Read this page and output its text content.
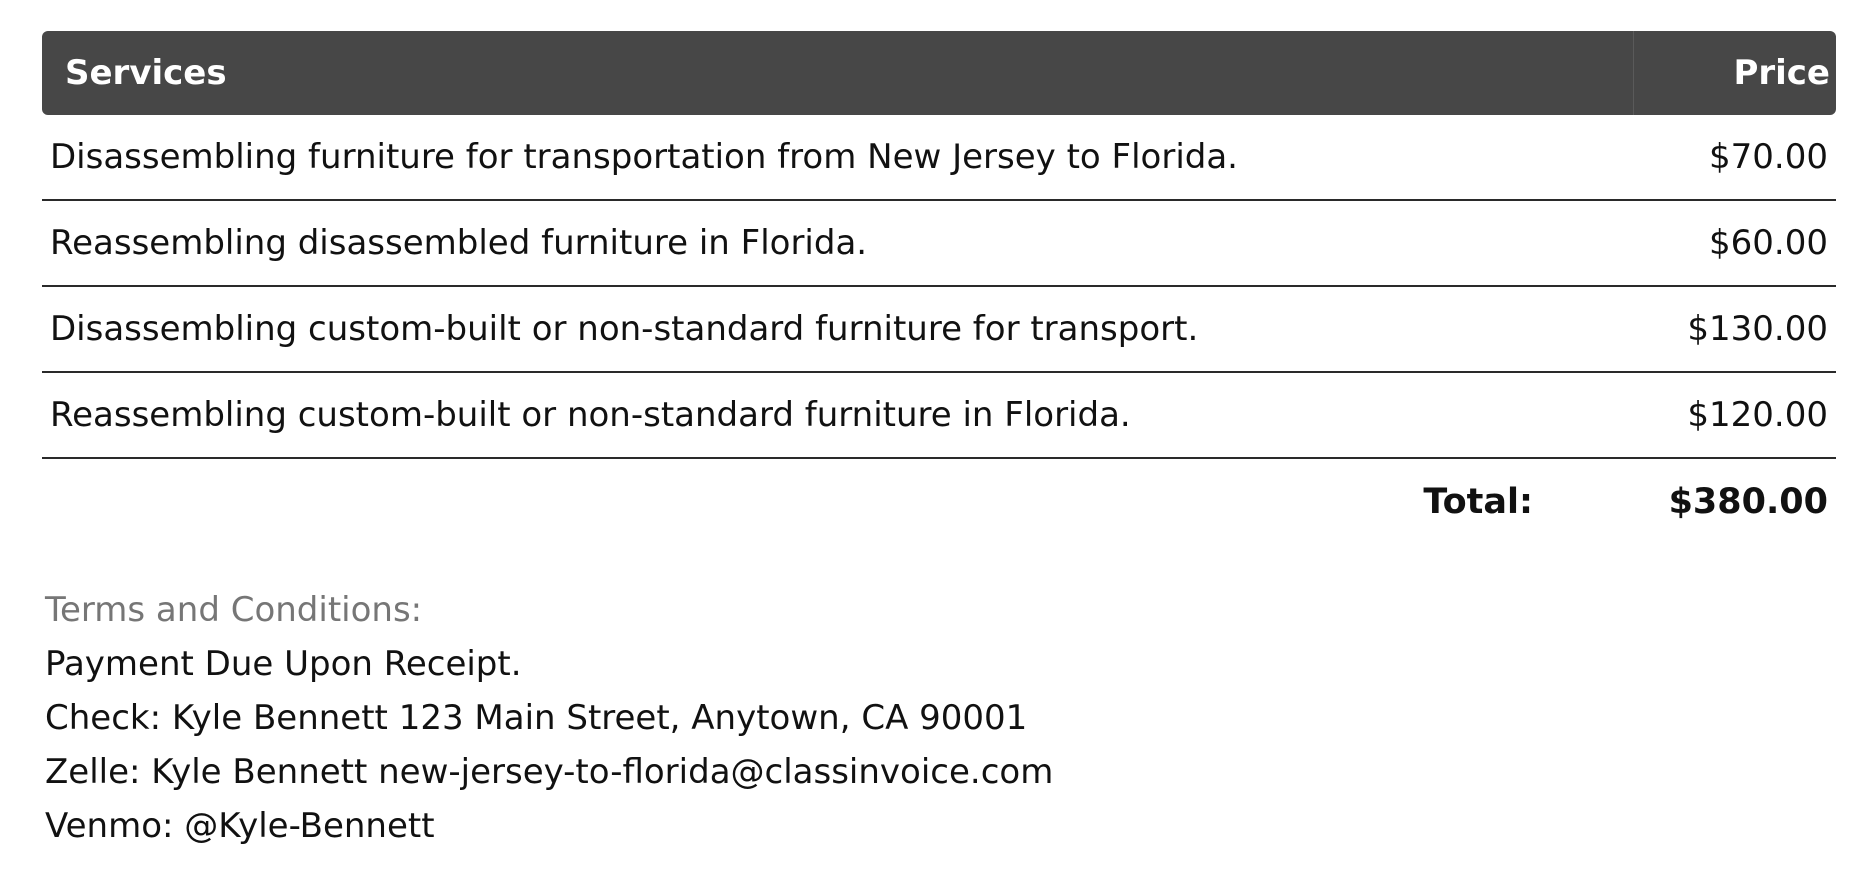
Services	Price
Disassembling furniture for transportation from New Jersey to Florida.	$70.00
Reassembling disassembled furniture in Florida.	$60.00
Disassembling custom-built or non-standard furniture for transport.	$130.00
Reassembling custom-built or non-standard furniture in Florida.	$120.00
Total:	$380.00
Terms and Conditions:
Payment Due Upon Receipt.
Check: Kyle Bennett 123 Main Street, Anytown, CA 90001
Zelle: Kyle Bennett new-jersey-to-florida@classinvoice.com
Venmo: @Kyle-Bennett
